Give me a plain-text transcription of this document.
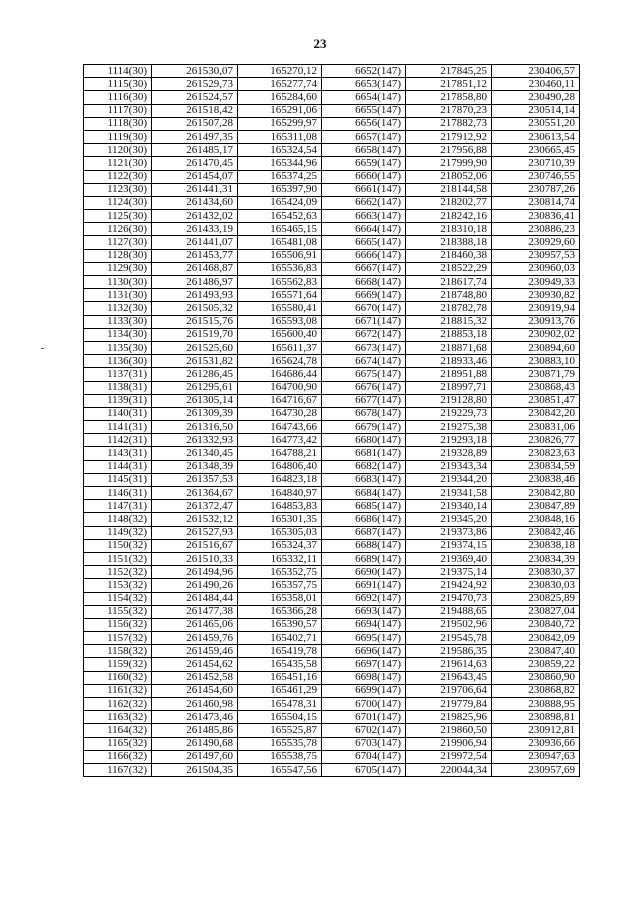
23
1114(30)	261530,07	165270,12	6652(147)	217845,25	230406,57
1115(30)	261529,73	165277,74	6653(147)	217851,12	230460,11
1116(30)	261524,57	165284,60	6654(147)	217858,80	230490,28
1117(30)	261518,42	165291,06	6655(147)	217870,23	230514,14
1118(30)	261507,28	165299,97	6656(147)	217882,73	230551,20
1119(30)	261497,35	165311,08	6657(147)	217912,92	230613,54
1120(30)	261485,17	165324,54	6658(147)	217956,88	230665,45
1121(30)	261470,45	165344,96	6659(147)	217999,90	230710,39
1122(30)	261454,07	165374,25	6660(147)	218052,06	230746,55
1123(30)	261441,31	165397,90	6661(147)	218144,58	230787,26
1124(30)	261434,60	165424,09	6662(147)	218202,77	230814,74
1125(30)	261432,02	165452,63	6663(147)	218242,16	230836,41
1126(30)	261433,19	165465,15	6664(147)	218310,18	230886,23
1127(30)	261441,07	165481,08	6665(147)	218388,18	230929,60
1128(30)	261453,77	165506,91	6666(147)	218460,38	230957,53
1129(30)	261468,87	165536,83	6667(147)	218522,29	230960,03
1130(30)	261486,97	165562,83	6668(147)	218617,74	230949,33
1131(30)	261493,93	165571,64	6669(147)	218748,80	230930,82
1132(30)	261505,32	165580,41	6670(147)	218782,78	230919,94
1133(30)	261515,76	165593,08	6671(147)	218815,32	230913,76
1134(30)	261519,70	165600,40	6672(147)	218853,18	230902,02
1135(30)	261525,60	165611,37	6673(147)	218871,68	230894,60
1136(30)	261531,82	165624,78	6674(147)	218933,46	230883,10
1137(31)	261286,45	164686,44	6675(147)	218951,88	230871,79
1138(31)	261295,61	164700,90	6676(147)	218997,71	230868,43
1139(31)	261305,14	164716,67	6677(147)	219128,80	230851,47
1140(31)	261309,39	164730,28	6678(147)	219229,73	230842,20
1141(31)	261316,50	164743,66	6679(147)	219275,38	230831,06
1142(31)	261332,93	164773,42	6680(147)	219293,18	230826,77
1143(31)	261340,45	164788,21	6681(147)	219328,89	230823,63
1144(31)	261348,39	164806,40	6682(147)	219343,34	230834,59
1145(31)	261357,53	164823,18	6683(147)	219344,20	230838,46
1146(31)	261364,67	164840,97	6684(147)	219341,58	230842,80
1147(31)	261372,47	164853,83	6685(147)	219340,14	230847,89
1148(32)	261532,12	165301,35	6686(147)	219345,20	230848,16
1149(32)	261527,93	165305,03	6687(147)	219373,86	230842,46
1150(32)	261516,67	165324,37	6688(147)	219374,15	230838,18
1151(32)	261510,33	165332,11	6689(147)	219369,40	230834,39
1152(32)	261494,96	165352,75	6690(147)	219375,14	230830,37
1153(32)	261490,26	165357,75	6691(147)	219424,92	230830,03
1154(32)	261484,44	165358,01	6692(147)	219470,73	230825,89
1155(32)	261477,38	165366,28	6693(147)	219488,65	230827,04
1156(32)	261465,06	165390,57	6694(147)	219502,96	230840,72
1157(32)	261459,76	165402,71	6695(147)	219545,78	230842,09
1158(32)	261459,46	165419,78	6696(147)	219586,35	230847,40
1159(32)	261454,62	165435,58	6697(147)	219614,63	230859,22
1160(32)	261452,58	165451,16	6698(147)	219643,45	230860,90
1161(32)	261454,60	165461,29	6699(147)	219706,64	230868,82
1162(32)	261460,98	165478,31	6700(147)	219779,84	230888,95
1163(32)	261473,46	165504,15	6701(147)	219825,96	230898,81
1164(32)	261485,86	165525,87	6702(147)	219860,50	230912,81
1165(32)	261490,68	165535,78	6703(147)	219906,94	230936,66
1166(32)	261497,60	165538,75	6704(147)	219972,54	230947,63
1167(32)	261504,35	165547,56	6705(147)	220044,34	230957,69
